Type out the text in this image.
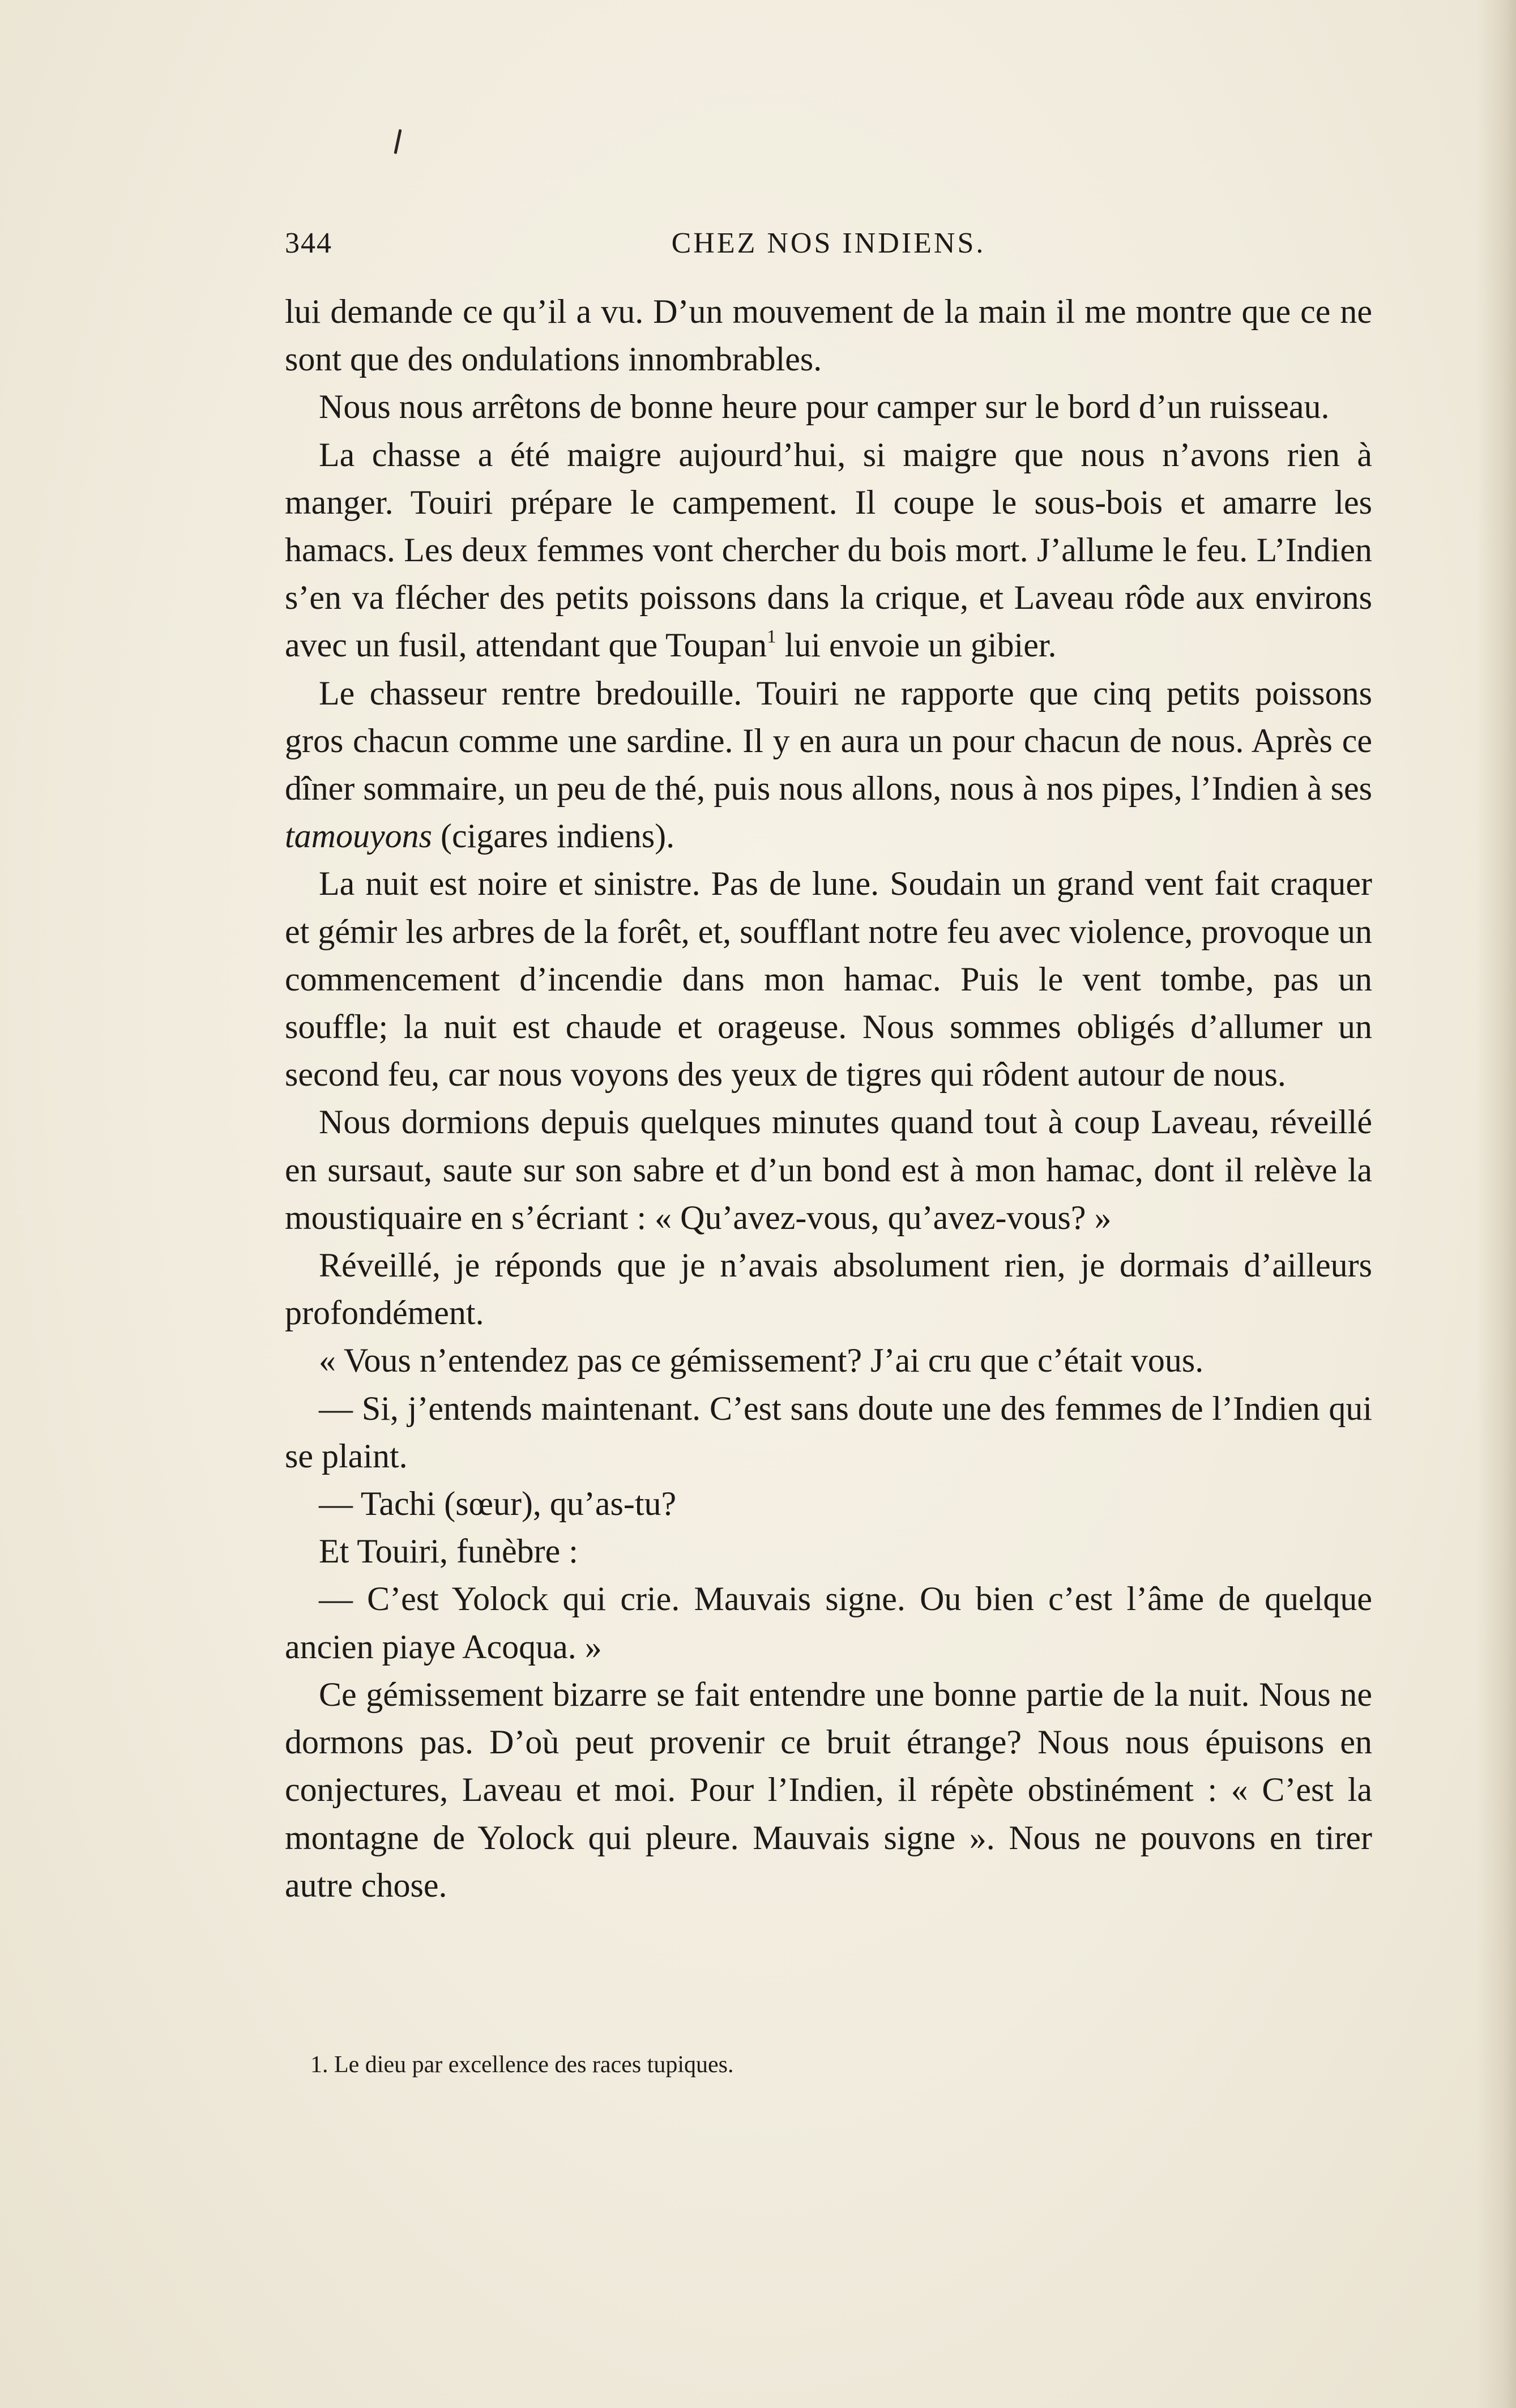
344	CHEZ NOS INDIENS.

lui demande ce qu’il a vu. D’un mouvement de la main il me montre que ce ne sont que des ondulations innombrables.

Nous nous arrêtons de bonne heure pour camper sur le bord d’un ruisseau.

La chasse a été maigre aujourd’hui, si maigre que nous n’avons rien à manger. Touiri prépare le campement. Il coupe le sous-bois et amarre les hamacs. Les deux femmes vont chercher du bois mort. J’allume le feu. L’Indien s’en va flécher des petits poissons dans la crique, et Laveau rôde aux environs avec un fusil, attendant que Toupan$^1$ lui envoie un gibier.

Le chasseur rentre bredouille. Touiri ne rapporte que cinq petits poissons gros chacun comme une sardine. Il y en aura un pour chacun de nous. Après ce dîner sommaire, un peu de thé, puis nous allons, nous à nos pipes, l’Indien à ses tamouyons (cigares indiens).

La nuit est noire et sinistre. Pas de lune. Soudain un grand vent fait craquer et gémir les arbres de la forêt, et, soufflant notre feu avec violence, provoque un commencement d’incendie dans mon hamac. Puis le vent tombe, pas un souffle; la nuit est chaude et orageuse. Nous sommes obligés d’allumer un second feu, car nous voyons des yeux de tigres qui rôdent autour de nous.

Nous dormions depuis quelques minutes quand tout à coup Laveau, réveillé en sursaut, saute sur son sabre et d’un bond est à mon hamac, dont il relève la moustiquaire en s’écriant : « Qu’avez-vous, qu’avez-vous? »

Réveillé, je réponds que je n’avais absolument rien, je dormais d’ailleurs profondément.

« Vous n’entendez pas ce gémissement? J’ai cru que c’était vous.

— Si, j’entends maintenant. C’est sans doute une des femmes de l’Indien qui se plaint.

— Tachi (sœur), qu’as-tu?

Et Touiri, funèbre :

— C’est Yolock qui crie. Mauvais signe. Ou bien c’est l’âme de quelque ancien piaye Acoqua. »

Ce gémissement bizarre se fait entendre une bonne partie de la nuit. Nous ne dormons pas. D’où peut provenir ce bruit étrange? Nous nous épuisons en conjectures, Laveau et moi. Pour l’Indien, il répète obstinément : « C’est la montagne de Yolock qui pleure. Mauvais signe ». Nous ne pouvons en tirer autre chose.

1. Le dieu par excellence des races tupiques.
